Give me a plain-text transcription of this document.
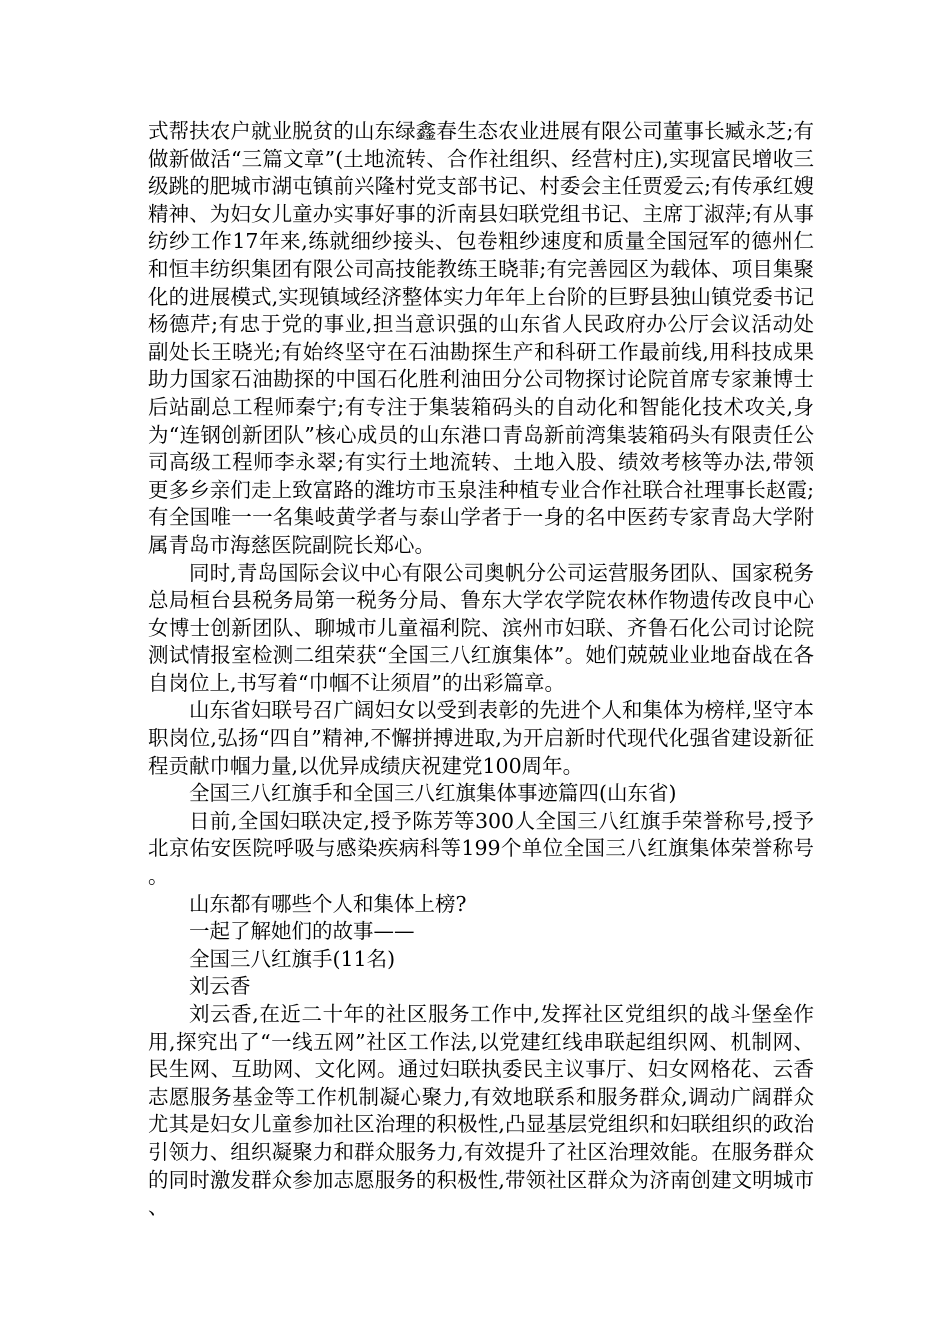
式帮扶农户就业脱贫的山东绿鑫春生态农业进展有限公司董事长臧永芝;有做新做活“三篇文章”(土地流转、合作社组织、经营村庄),实现富民增收三级跳的肥城市湖屯镇前兴隆村党支部书记、村委会主任贾爱云;有传承红嫂精神、为妇女儿童办实事好事的沂南县妇联党组书记、主席丁淑萍;有从事纺纱工作17年来,练就细纱接头、包卷粗纱速度和质量全国冠军的德州仁和恒丰纺织集团有限公司高技能教练王晓菲;有完善园区为载体、项目集聚化的进展模式,实现镇域经济整体实力年年上台阶的巨野县独山镇党委书记杨德芹;有忠于党的事业,担当意识强的山东省人民政府办公厅会议活动处副处长王晓光;有始终坚守在石油勘探生产和科研工作最前线,用科技成果助力国家石油勘探的中国石化胜利油田分公司物探讨论院首席专家兼博士后站副总工程师秦宁;有专注于集装箱码头的自动化和智能化技术攻关,身为“连钢创新团队”核心成员的山东港口青岛新前湾集装箱码头有限责任公司高级工程师李永翠;有实行土地流转、土地入股、绩效考核等办法,带领更多乡亲们走上致富路的潍坊市玉泉洼种植专业合作社联合社理事长赵霞;有全国唯一一名集岐黄学者与泰山学者于一身的名中医药专家青岛大学附属青岛市海慈医院副院长郑心。

同时,青岛国际会议中心有限公司奥帆分公司运营服务团队、国家税务总局桓台县税务局第一税务分局、鲁东大学农学院农林作物遗传改良中心女博士创新团队、聊城市儿童福利院、滨州市妇联、齐鲁石化公司讨论院测试情报室检测二组荣获“全国三八红旗集体”。她们兢兢业业地奋战在各自岗位上,书写着“巾帼不让须眉”的出彩篇章。

山东省妇联号召广阔妇女以受到表彰的先进个人和集体为榜样,坚守本职岗位,弘扬“四自”精神,不懈拼搏进取,为开启新时代现代化强省建设新征程贡献巾帼力量,以优异成绩庆祝建党100周年。

全国三八红旗手和全国三八红旗集体事迹篇四(山东省)

日前,全国妇联决定,授予陈芳等300人全国三八红旗手荣誉称号,授予北京佑安医院呼吸与感染疾病科等199个单位全国三八红旗集体荣誉称号。

山东都有哪些个人和集体上榜?

一起了解她们的故事——

全国三八红旗手(11名)

刘云香

刘云香,在近二十年的社区服务工作中,发挥社区党组织的战斗堡垒作用,探究出了“一线五网”社区工作法,以党建红线串联起组织网、机制网、民生网、互助网、文化网。通过妇联执委民主议事厅、妇女网格花、云香志愿服务基金等工作机制凝心聚力,有效地联系和服务群众,调动广阔群众尤其是妇女儿童参加社区治理的积极性,凸显基层党组织和妇联组织的政治引领力、组织凝聚力和群众服务力,有效提升了社区治理效能。在服务群众的同时激发群众参加志愿服务的积极性,带领社区群众为济南创建文明城市、
